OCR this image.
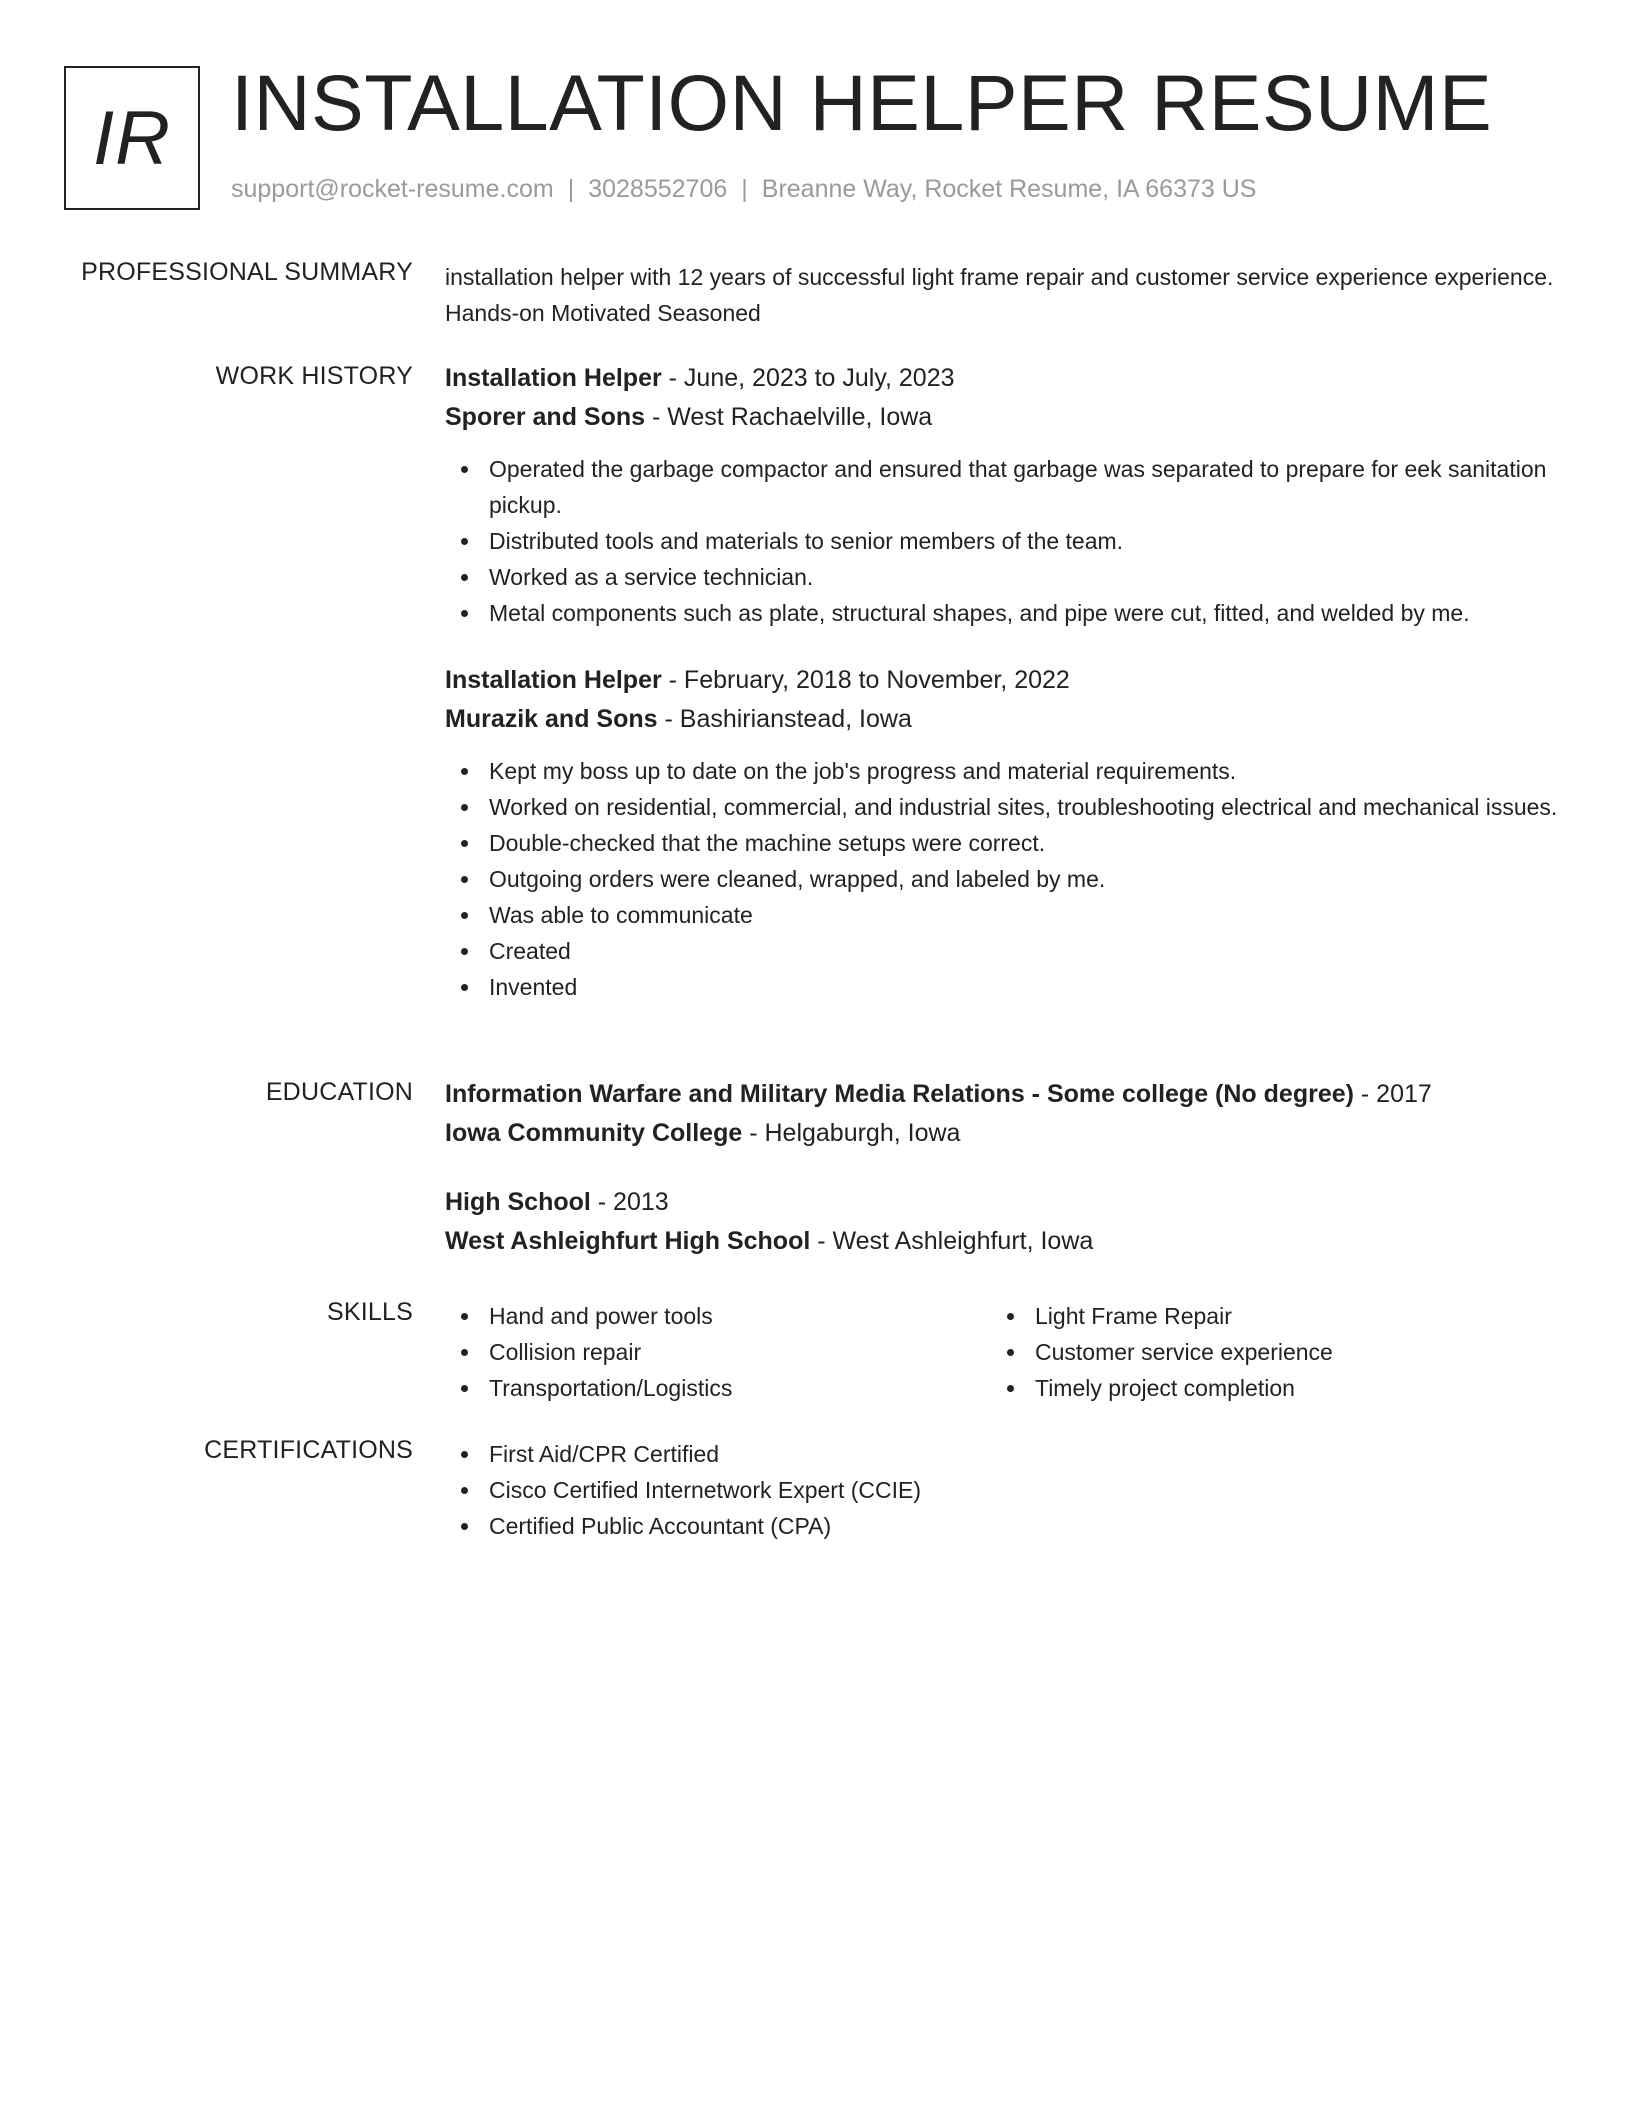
IR INSTALLATION HELPER RESUME
support@rocket-resume.com | 3028552706 | Breanne Way, Rocket Resume, IA 66373 US
PROFESSIONAL SUMMARY installation helper with 12 years of successful light frame repair and customer service experience experience. Hands-on Motivated Seasoned
WORK HISTORY Installation Helper - June, 2023 to July, 2023
Sporer and Sons - West Rachaelville, Iowa
Operated the garbage compactor and ensured that garbage was separated to prepare for eek sanitation pickup.
Distributed tools and materials to senior members of the team.
Worked as a service technician.
Metal components such as plate, structural shapes, and pipe were cut, fitted, and welded by me.
Installation Helper - February, 2018 to November, 2022
Murazik and Sons - Bashirianstead, Iowa
Kept my boss up to date on the job's progress and material requirements.
Worked on residential, commercial, and industrial sites, troubleshooting electrical and mechanical issues.
Double-checked that the machine setups were correct.
Outgoing orders were cleaned, wrapped, and labeled by me.
Was able to communicate
Created
Invented
EDUCATION Information Warfare and Military Media Relations - Some college (No degree) - 2017
Iowa Community College - Helgaburgh, Iowa
High School - 2013
West Ashleighfurt High School - West Ashleighfurt, Iowa
SKILLS	Hand and power tools
Collision repair
Transportation/Logistics
Light Frame Repair
Customer service experience
Timely project completion
CERTIFICATIONS	First Aid/CPR Certified
Cisco Certified Internetwork Expert (CCIE)
Certified Public Accountant (CPA)
